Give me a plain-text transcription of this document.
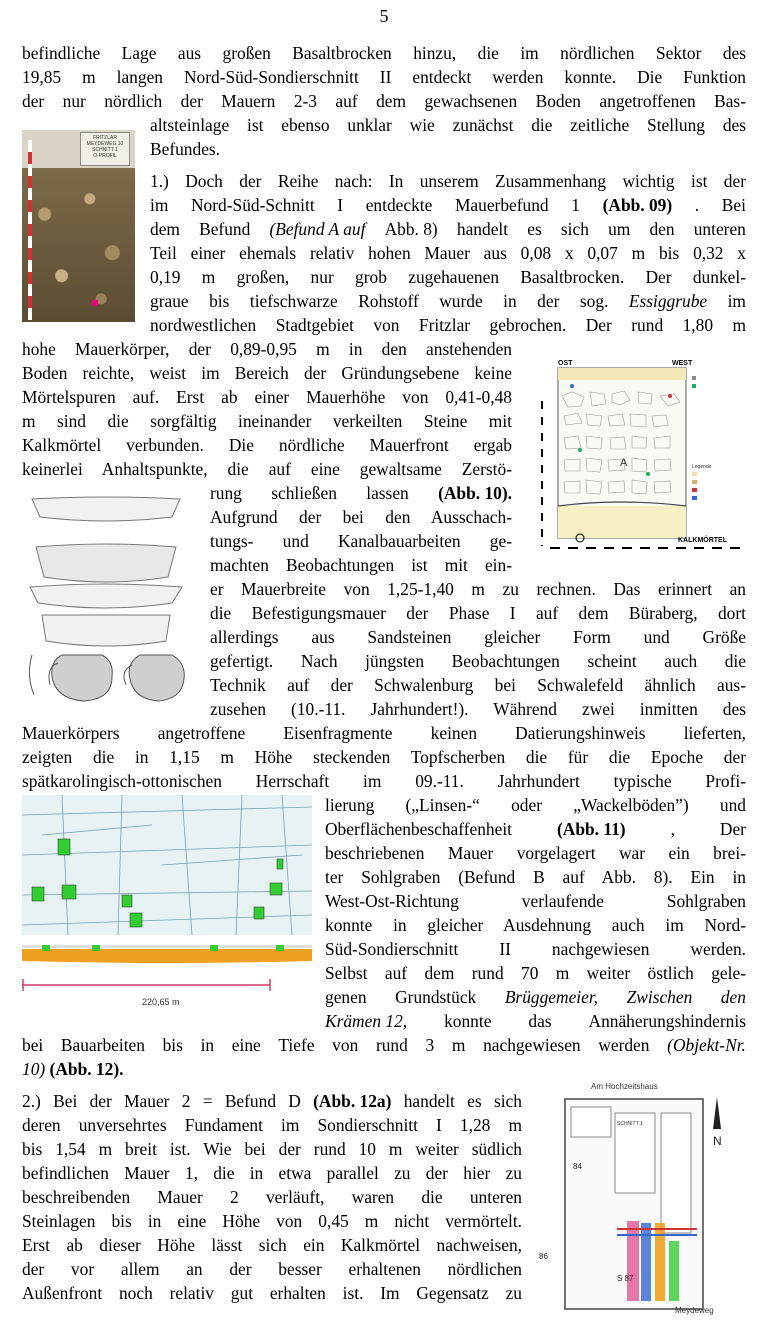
5
befindliche Lage aus großen Basaltbrocken hinzu, die im nördlichen Sektor des
19,85 m langen Nord-Süd-Sondierschnitt II entdeckt werden konnte. Die Funktion
der nur nördlich der Mauern 2-3 auf dem gewachsenen Boden angetroffenen Bas-
altsteinlage ist ebenso unklar wie zunächst die zeitliche Stellung des
Befundes.
1.) Doch der Reihe nach: In unserem Zusammenhang wichtig ist der
im Nord-Süd-Schnitt I entdeckte Mauerbefund 1 (Abb. 09) . Bei
dem Befund (Befund A auf Abb. 8) handelt es sich um den unteren
Teil einer ehemals relativ hohen Mauer aus 0,08 x 0,07 m bis 0,32 x
0,19 m großen, nur grob zugehauenen Basaltbrocken. Der dunkel-
graue bis tiefschwarze Rohstoff wurde in der sog. Essiggrube im
nordwestlichen Stadtgebiet von Fritzlar gebrochen. Der rund 1,80 m
hohe Mauerkörper, der 0,89-0,95 m in den anstehenden
Boden reichte, weist im Bereich der Gründungsebene keine
Mörtelspuren auf. Erst ab einer Mauerhöhe von 0,41-0,48
m sind die sorgfältig ineinander verkeilten Steine mit
Kalkmörtel verbunden. Die nördliche Mauerfront ergab
keinerlei Anhaltspunkte, die auf eine gewaltsame Zerstö-
rung schließen lassen (Abb. 10).
Aufgrund der bei den Ausschach-
tungs- und Kanalbauarbeiten ge-
machten Beobachtungen ist mit ein-
er Mauerbreite von 1,25-1,40 m zu rechnen. Das erinnert an
die Befestigungsmauer der Phase I auf dem Büraberg, dort
allerdings aus Sandsteinen gleicher Form und Größe
gefertigt. Nach jüngsten Beobachtungen scheint auch die
Technik auf der Schwalenburg bei Schwalefeld ähnlich aus-
zusehen (10.-11. Jahrhundert!). Während zwei inmitten des
Mauerkörpers angetroffene Eisenfragmente keinen Datierungshinweis lieferten,
zeigten die in 1,15 m Höhe steckenden Topfscherben die für die Epoche der
spätkarolingisch-ottonischen Herrschaft im 09.-11. Jahrhundert typische Profi-
lierung („Linsen-“ oder „Wackelböden”) und
Oberflächenbeschaffenheit	(Abb. 11)	,	Der
beschriebenen Mauer vorgelagert war ein brei-
ter Sohlgraben (Befund B auf Abb. 8). Ein in
West-Ost-Richtung verlaufende Sohlgraben
konnte in gleicher Ausdehnung auch im Nord-
Süd-Sondierschnitt II nachgewiesen werden.
Selbst auf dem rund 70 m weiter östlich gele-
genen Grundstück Brüggemeier, Zwischen den
Krämen 12, konnte das Annäherungshindernis
bei Bauarbeiten bis in eine Tiefe von rund 3 m nachgewiesen werden (Objekt-Nr.
10) (Abb. 12).
2.) Bei der Mauer 2 = Befund D (Abb. 12a) handelt es sich
deren unversehrtes Fundament im Sondierschnitt I 1,28 m
bis 1,54 m breit ist. Wie bei der rund 10 m weiter südlich
befindlichen Mauer 1, die in etwa parallel zu der hier zu
beschreibenden Mauer 2 verläuft, waren die unteren
Steinlagen bis in eine Höhe von 0,45 m nicht vermörtelt.
Erst ab dieser Höhe lässt sich ein Kalkmörtel nachweisen,
der vor allem an der besser erhaltenen nördlichen
Außenfront noch relativ gut erhalten ist. Im Gegensatz zu
FRITZLAR
MEYDEWEG 10
SCHNITT 1
O-PROFIL
OST	WEST
A
KALKMÖRTEL
Legende
220,65 m
Am Hochzeitshaus
N
SCHNITT 1
84
S 87
86
Meydeweg
